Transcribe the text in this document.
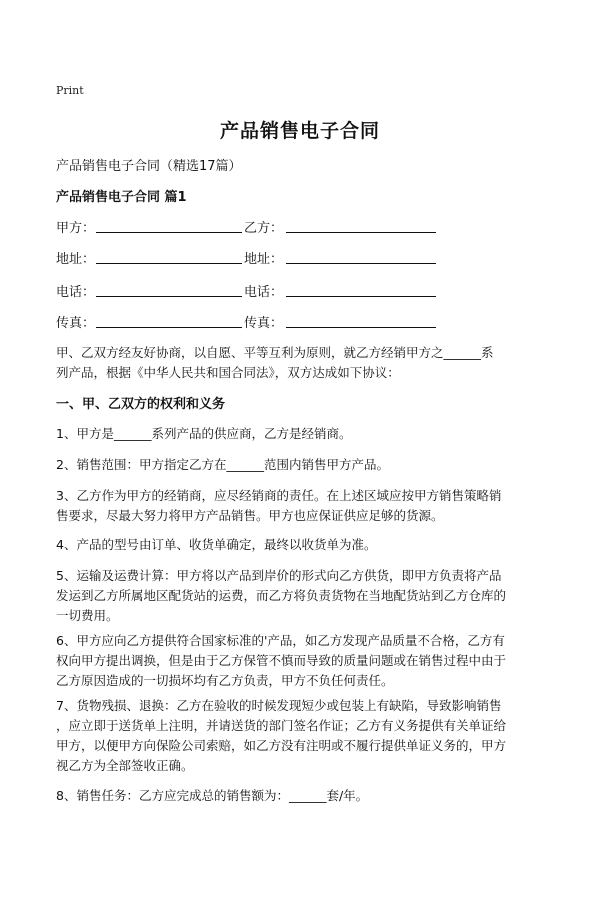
Print
产品销售电子合同
产品销售电子合同（精选17篇）
产品销售电子合同 篇1
甲方：	乙方：
地址：	地址：
电话：	电话：
传真：	传真：
甲、乙双方经友好协商，以自愿、平等互利为原则，就乙方经销甲方之______系
列产品，根据《中华人民共和国合同法》，双方达成如下协议：
一、甲、乙双方的权利和义务
1、甲方是______系列产品的供应商，乙方是经销商。
2、销售范围：甲方指定乙方在______范围内销售甲方产品。
3、乙方作为甲方的经销商，应尽经销商的责任。在上述区域应按甲方销售策略销
售要求，尽最大努力将甲方产品销售。甲方也应保证供应足够的货源。
4、产品的型号由订单、收货单确定，最终以收货单为准。
5、运输及运费计算：甲方将以产品到岸价的形式向乙方供货，即甲方负责将产品
发运到乙方所属地区配货站的运费，而乙方将负责货物在当地配货站到乙方仓库的
一切费用。
6、甲方应向乙方提供符合国家标准的'产品，如乙方发现产品质量不合格，乙方有
权向甲方提出调换，但是由于乙方保管不慎而导致的质量问题或在销售过程中由于
乙方原因造成的一切损坏均有乙方负责，甲方不负任何责任。
7、货物残损、退换：乙方在验收的时候发现短少或包装上有缺陷，导致影响销售
，应立即于送货单上注明，并请送货的部门签名作证；乙方有义务提供有关单证给
甲方，以便甲方向保险公司索赔，如乙方没有注明或不履行提供单证义务的，甲方
视乙方为全部签收正确。
8、销售任务：乙方应完成总的销售额为：______套/年。
